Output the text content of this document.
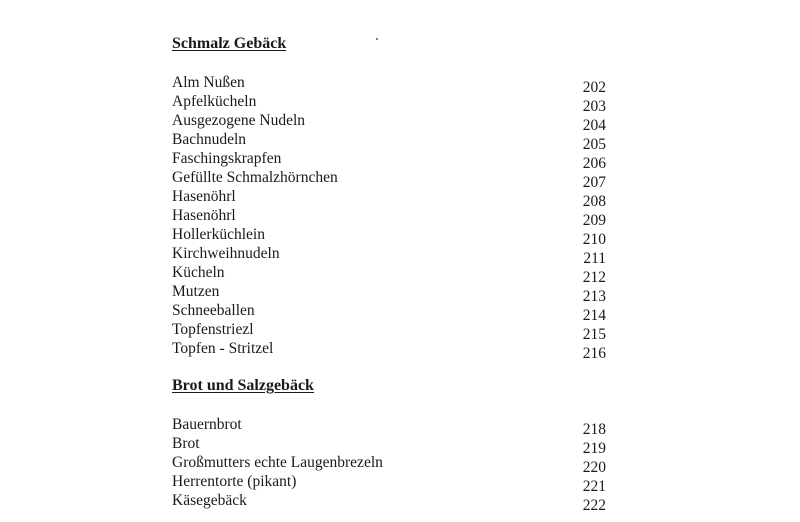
Schmalz Gebäck
Alm Nußen	202
Apfelkücheln	203
Ausgezogene Nudeln	204
Bachnudeln	205
Faschingskrapfen	206
Gefüllte Schmalzhörnchen	207
Hasenöhrl	208
Hasenöhrl	209
Hollerküchlein	210
Kirchweihnudeln	211
Kücheln	212
Mutzen	213
Schneeballen	214
Topfenstriezl	215
Topfen - Stritzel	216
Brot und Salzgebäck
Bauernbrot	218
Brot	219
Großmutters echte Laugenbrezeln	220
Herrentorte (pikant)	221
Käsegebäck	222
